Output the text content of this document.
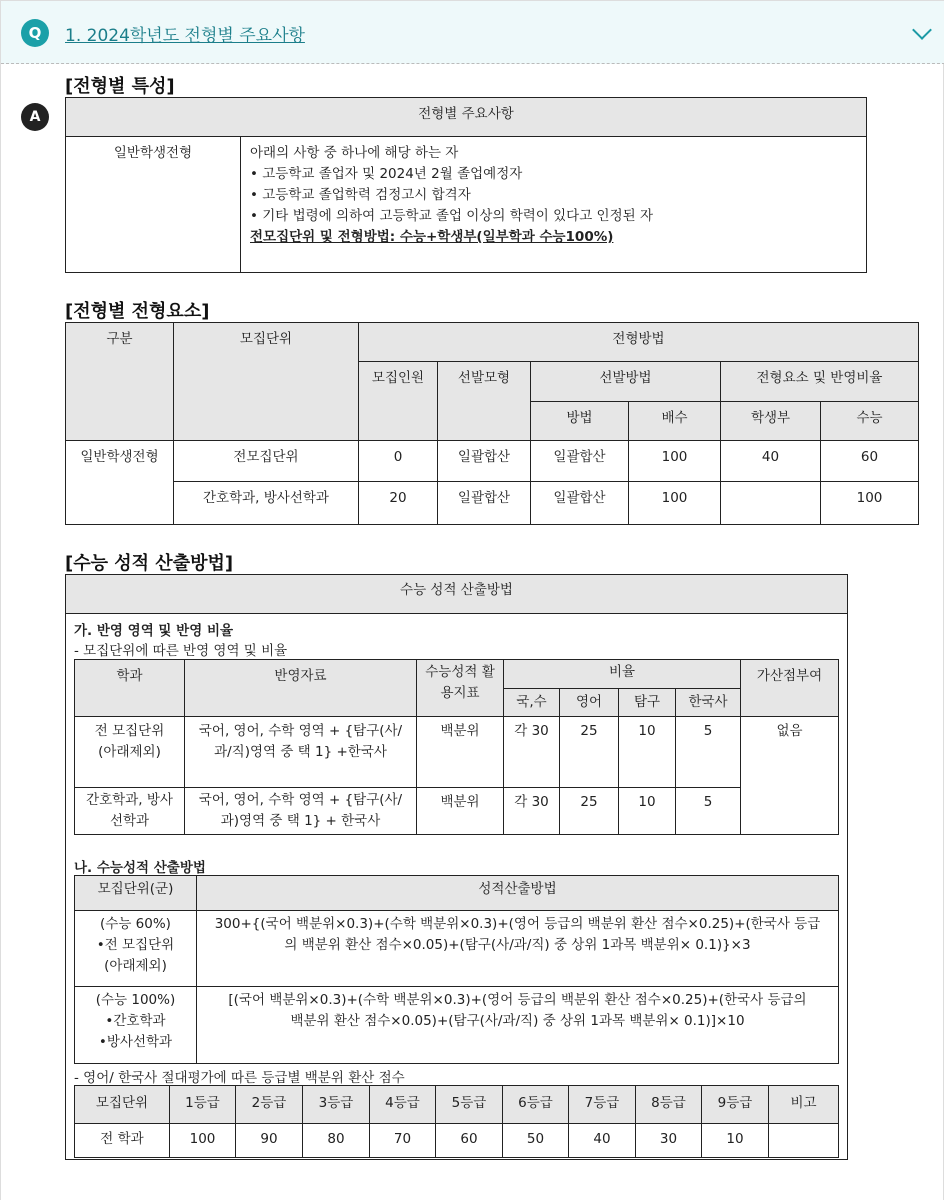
Q	1. 2024학년도 전형별 주요사항
A
[전형별 특성]
전형별 주요사항
일반학생전형	아래의 사항 중 하나에 해당 하는 자
• 고등학교 졸업자 및 2024년 2월 졸업예정자
• 고등학교 졸업학력 검정고시 합격자
• 기타 법령에 의하여 고등학교 졸업 이상의 학력이 있다고 인정된 자
전모집단위 및 전형방법: 수능+학생부(일부학과 수능100%)
[전형별 전형요소]
구분	모집단위	전형방법					
		모집인원	선발모형	선발방법		전형요소 및 반영비율	
				방법	배수	학생부	수능
일반학생전형	전모집단위	0	일괄합산	일괄합산	100	40	60
	간호학과, 방사선학과	20	일괄합산	일괄합산	100		100
[수능 성적 산출방법]
수능 성적 산출방법
가. 반영 영역 및 반영 비율
- 모집단위에 따른 반영 영역 및 비율
학과	반영자료	수능성적 활용지표	비율				가산점부여
			국,수	영어	탐구	한국사	
전 모집단위 (아래제외)	국어, 영어, 수학 영역 + {탐구(사/과/직)영역 중 택 1} +한국사	백분위	각 30	25	10	5	없음
간호학과, 방사선학과	국어, 영어, 수학 영역 + {탐구(사/과)영역 중 택 1} + 한국사	백분위	각 30	25	10	5	
나. 수능성적 산출방법
모집단위(군)	성적산출방법

(수능 60%)
•전 모집단위
(아래제외)	300+{(국어 백분위×0.3)+(수학 백분위×0.3)+(영어 등급의 백분위 환산 점수×0.25)+(한국사 등급의 백분위 환산 점수×0.05)+(탐구(사/과/직) 중 상위 1과목 백분위× 0.1)}×3

(수능 100%)
•간호학과
•방사선학과	[(국어 백분위×0.3)+(수학 백분위×0.3)+(영어 등급의 백분위 환산 점수×0.25)+(한국사 등급의 백분위 환산 점수×0.05)+(탐구(사/과/직) 중 상위 1과목 백분위× 0.1)]×10
- 영어/ 한국사 절대평가에 따른 등급별 백분위 환산 점수
모집단위	1등급	2등급	3등급	4등급	5등급	6등급	7등급	8등급	9등급	비고
전 학과	100	90	80	70	60	50	40	30	10	
